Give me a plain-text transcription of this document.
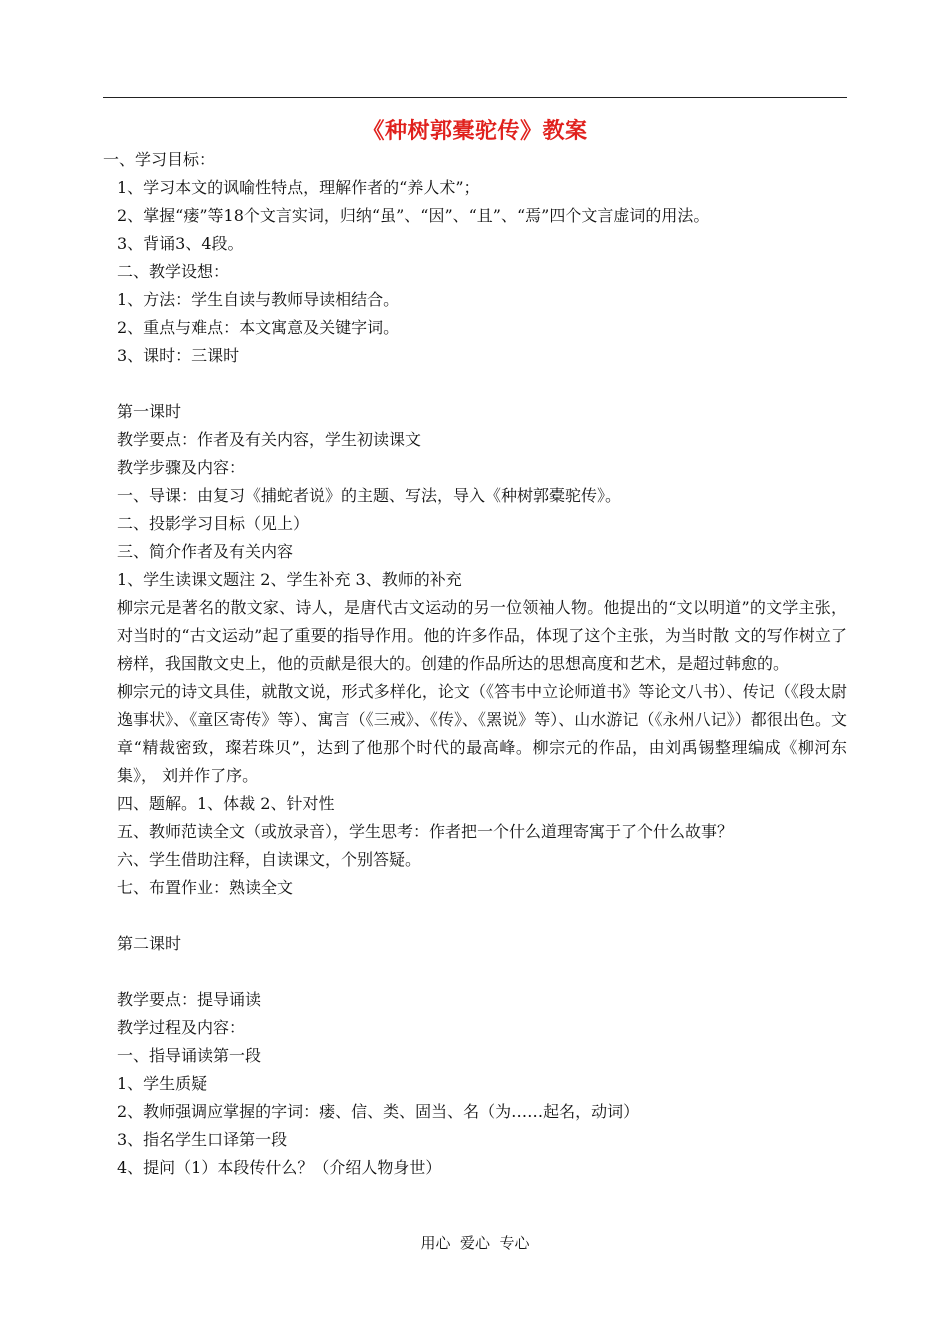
《种树郭橐驼传》教案
一、学习目标：
1、学习本文的讽喻性特点，理解作者的“养人术”；
2、掌握“瘘”等18个文言实词，归纳“虽”、“因”、“且”、“焉”四个文言虚词的用法。
3、背诵3、4段。
二、教学设想：
1、方法：学生自读与教师导读相结合。
2、重点与难点：本文寓意及关键字词。
3、课时：三课时
第一课时
教学要点：作者及有关内容，学生初读课文
教学步骤及内容：
一、导课：由复习《捕蛇者说》的主题、写法，导入《种树郭橐驼传》。
二、投影学习目标（见上）
三、简介作者及有关内容
1、学生读课文题注 2、学生补充 3、教师的补充
柳宗元是著名的散文家、诗人，是唐代古文运动的另一位领袖人物。他提出的“文以明道”的文学主张，对当时的“古文运动”起了重要的指导作用。他的许多作品，体现了这个主张，为当时散 文的写作树立了榜样，我国散文史上，他的贡献是很大的。创建的作品所达的思想高度和艺术，是超过韩愈的。
柳宗元的诗文具佳，就散文说，形式多样化，论文（《答韦中立论师道书》等论文八书）、传记（《段太尉逸事状》、《童区寄传》等）、寓言（《三戒》、《传》、《罴说》等）、山水游记（《永州八记》）都很出色。文章“精裁密致，璨若珠贝”，达到了他那个时代的最高峰。柳宗元的作品，由刘禹锡整理编成《柳河东集》， 刘并作了序。
四、题解。1、体裁 2、针对性
五、教师范读全文（或放录音），学生思考：作者把一个什么道理寄寓于了个什么故事？
六、学生借助注释，自读课文，个别答疑。
七、布置作业：熟读全文
第二课时
教学要点：提导诵读
教学过程及内容：
一、指导诵读第一段
1、学生质疑
2、教师强调应掌握的字词：瘘、信、类、固当、名（为……起名，动词）
3、指名学生口译第一段
4、提问（1）本段传什么？（介绍人物身世）
用心  爱心  专心
